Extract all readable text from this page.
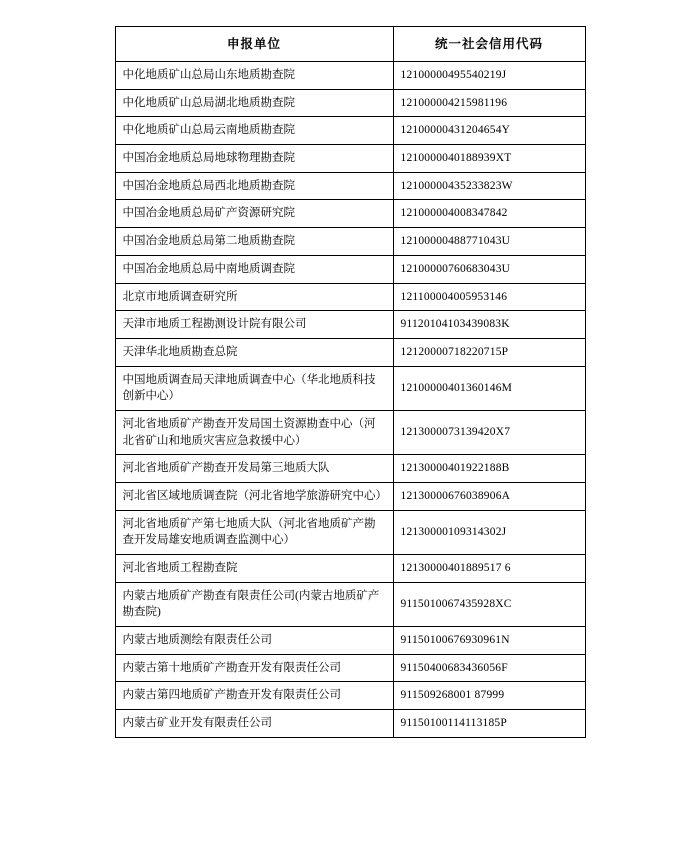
申报单位	统一社会信用代码
中化地质矿山总局山东地质勘查院	12100000495540219J
中化地质矿山总局湖北地质勘查院	121000004215981196
中化地质矿山总局云南地质勘查院	12100000431204654Y
中国冶金地质总局地球物理勘查院	1210000040188939XT
中国冶金地质总局西北地质勘查院	12100000435233823W
中国冶金地质总局矿产资源研究院	121000004008347842
中国冶金地质总局第二地质勘查院	12100000488771043U
中国冶金地质总局中南地质调查院	12100000760683043U
北京市地质调查研究所	121100004005953146
天津市地质工程勘测设计院有限公司	91120104103439083K
天津华北地质勘查总院	12120000718220715P
中国地质调查局天津地质调查中心（华北地质科技创新中心）	12100000401360146M
河北省地质矿产勘查开发局国土资源勘查中心（河北省矿山和地质灾害应急救援中心）	1213000073139420X7
河北省地质矿产勘查开发局第三地质大队	12130000401922188B
河北省区域地质调查院（河北省地学旅游研究中心）	12130000676038906A
河北省地质矿产第七地质大队（河北省地质矿产勘查开发局雄安地质调查监测中心）	12130000109314302J
河北省地质工程勘查院	12130000401889517 6
内蒙古地质矿产勘查有限责任公司(内蒙古地质矿产勘查院)	9115010067435928XC
内蒙古地质测绘有限责任公司	91150100676930961N
内蒙古第十地质矿产勘查开发有限责任公司	91150400683436056F
内蒙古第四地质矿产勘查开发有限责任公司	911509268001 87999
内蒙古矿业开发有限责任公司	91150100114113185P
